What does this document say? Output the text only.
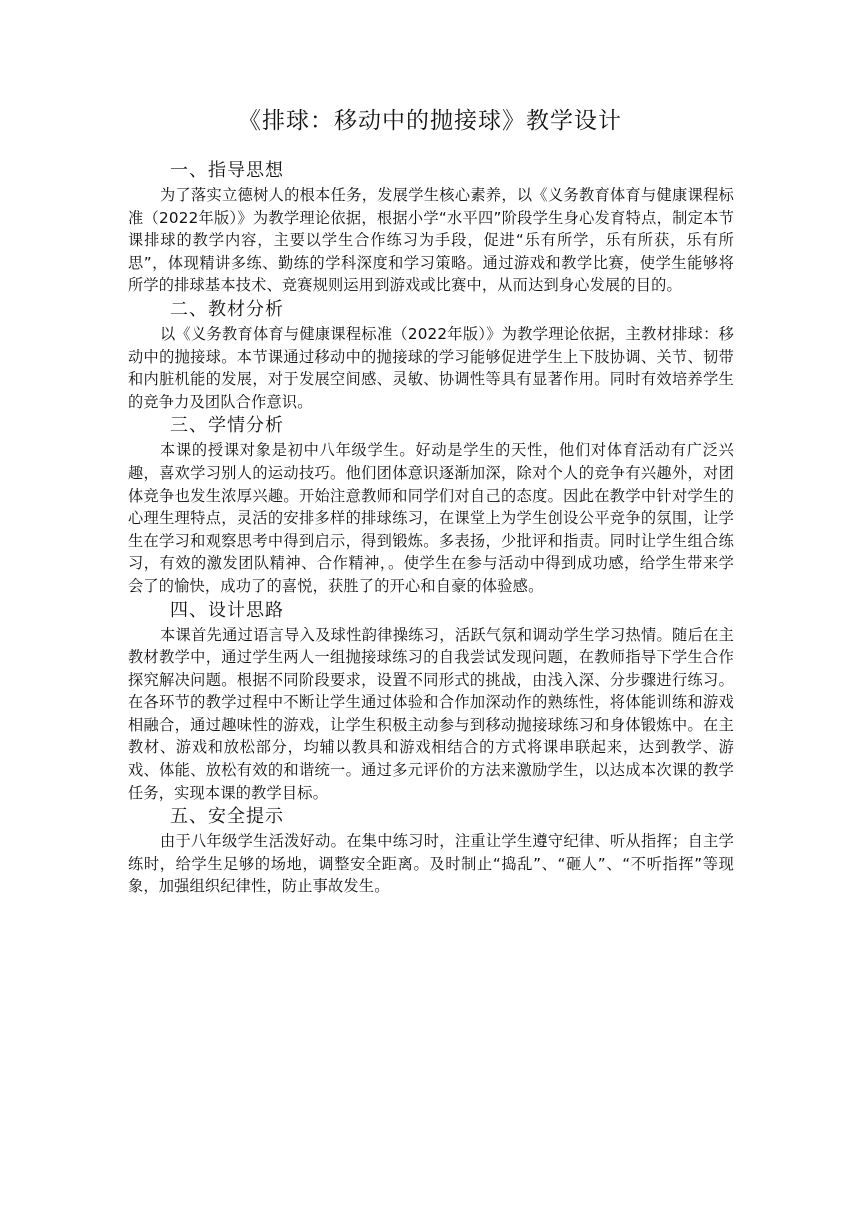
《排球：移动中的抛接球》教学设计
一、指导思想

为了落实立德树人的根本任务，发展学生核心素养，以《义务教育体育与健康课程标准（2022年版）》为教学理论依据，根据小学“水平四”阶段学生身心发育特点，制定本节课排球的教学内容，主要以学生合作练习为手段，促进“乐有所学，乐有所获，乐有所思”，体现精讲多练、勤练的学科深度和学习策略。通过游戏和教学比赛，使学生能够将所学的排球基本技术、竞赛规则运用到游戏或比赛中，从而达到身心发展的目的。

二、教材分析

以《义务教育体育与健康课程标准（2022年版）》为教学理论依据，主教材排球：移动中的抛接球。本节课通过移动中的抛接球的学习能够促进学生上下肢协调、关节、韧带和内脏机能的发展，对于发展空间感、灵敏、协调性等具有显著作用。同时有效培养学生的竞争力及团队合作意识。

三、学情分析

本课的授课对象是初中八年级学生。好动是学生的天性，他们对体育活动有广泛兴趣，喜欢学习别人的运动技巧。他们团体意识逐渐加深，除对个人的竞争有兴趣外，对团体竞争也发生浓厚兴趣。开始注意教师和同学们对自己的态度。因此在教学中针对学生的心理生理特点，灵活的安排多样的排球练习，在课堂上为学生创设公平竞争的氛围，让学生在学习和观察思考中得到启示，得到锻炼。多表扬，少批评和指责。同时让学生组合练习，有效的激发团队精神、合作精神，。使学生在参与活动中得到成功感，给学生带来学会了的愉快，成功了的喜悦，获胜了的开心和自豪的体验感。

四、设计思路

本课首先通过语言导入及球性韵律操练习，活跃气氛和调动学生学习热情。随后在主教材教学中，通过学生两人一组抛接球练习的自我尝试发现问题，在教师指导下学生合作探究解决问题。根据不同阶段要求，设置不同形式的挑战，由浅入深、分步骤进行练习。在各环节的教学过程中不断让学生通过体验和合作加深动作的熟练性，将体能训练和游戏相融合，通过趣味性的游戏，让学生积极主动参与到移动抛接球练习和身体锻炼中。在主教材、游戏和放松部分，均辅以教具和游戏相结合的方式将课串联起来，达到教学、游戏、体能、放松有效的和谐统一。通过多元评价的方法来激励学生，以达成本次课的教学任务，实现本课的教学目标。

五、安全提示

由于八年级学生活泼好动。在集中练习时，注重让学生遵守纪律、听从指挥；自主学练时，给学生足够的场地，调整安全距离。及时制止“捣乱”、“砸人”、“不听指挥”等现象，加强组织纪律性，防止事故发生。
